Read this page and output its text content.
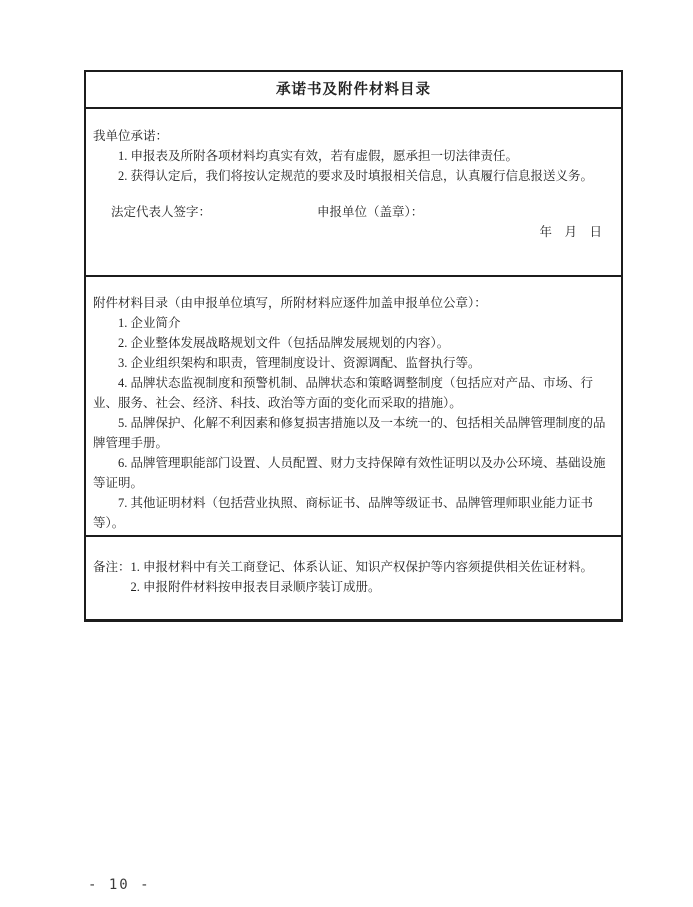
承诺书及附件材料目录

我单位承诺：

1. 申报表及所附各项材料均真实有效，若有虚假，愿承担一切法律责任。

2. 获得认定后，我们将按认定规范的要求及时填报相关信息，认真履行信息报送义务。

法定代表人签字：	申报单位（盖章）：

年　月　日

附件材料目录（由申报单位填写，所附材料应逐件加盖申报单位公章）：

1. 企业简介

2. 企业整体发展战略规划文件（包括品牌发展规划的内容）。

3. 企业组织架构和职责，管理制度设计、资源调配、监督执行等。

4. 品牌状态监视制度和预警机制、品牌状态和策略调整制度（包括应对产品、市场、行业、服务、社会、经济、科技、政治等方面的变化而采取的措施）。

5. 品牌保护、化解不利因素和修复损害措施以及一本统一的、包括相关品牌管理制度的品牌管理手册。

6. 品牌管理职能部门设置、人员配置、财力支持保障有效性证明以及办公环境、基础设施等证明。

7. 其他证明材料（包括营业执照、商标证书、品牌等级证书、品牌管理师职业能力证书等）。

备注：1. 申报材料中有关工商登记、体系认证、知识产权保护等内容须提供相关佐证材料。

2. 申报附件材料按申报表目录顺序装订成册。

- 10 -
